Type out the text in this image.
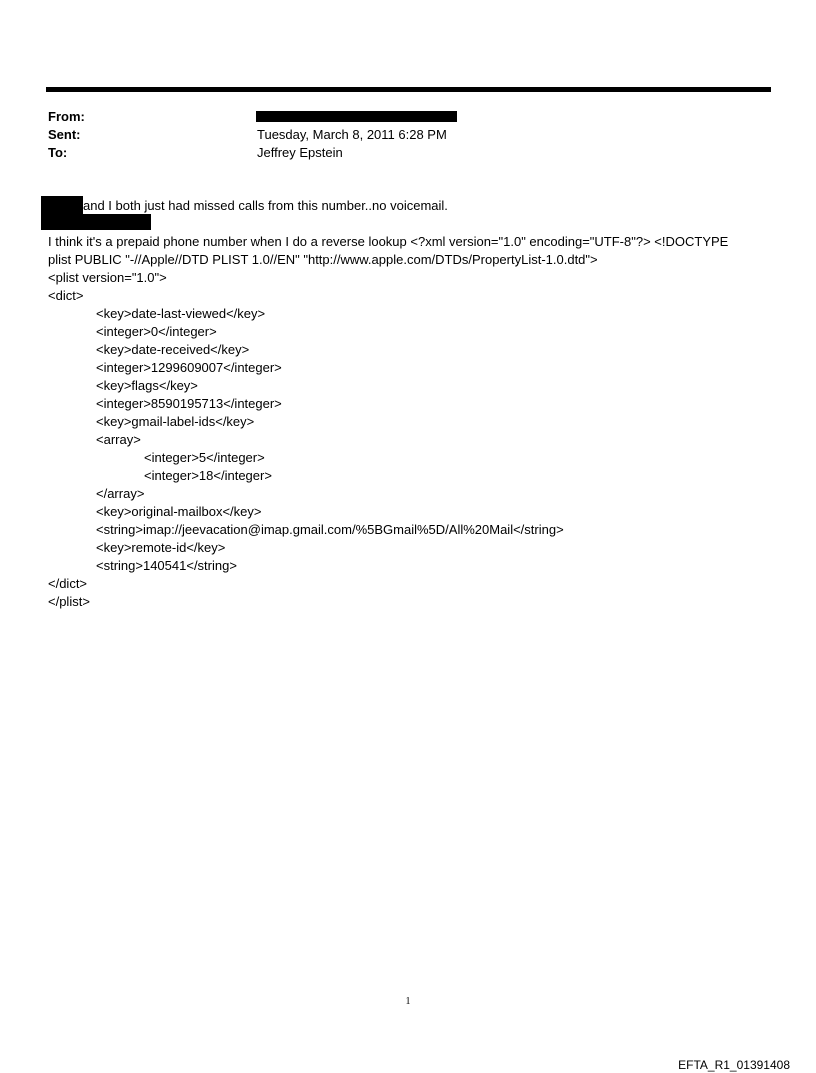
From:
Sent:	Tuesday, March 8, 2011 6:28 PM
To:	Jeffrey Epstein
and I both just had missed calls from this number..no voicemail.
I think it's a prepaid phone number when I do a reverse lookup <?xml version="1.0" encoding="UTF-8"?> <!DOCTYPE
plist PUBLIC "-//Apple//DTD PLIST 1.0//EN" "http://www.apple.com/DTDs/PropertyList-1.0.dtd">
<plist version="1.0">
<dict>
<key>date-last-viewed</key>
<integer>0</integer>
<key>date-received</key>
<integer>1299609007</integer>
<key>flags</key>
<integer>8590195713</integer>
<key>gmail-label-ids</key>
<array>
<integer>5</integer>
<integer>18</integer>
</array>
<key>original-mailbox</key>
<string>imap://jeevacation@imap.gmail.com/%5BGmail%5D/All%20Mail</string>
<key>remote-id</key>
<string>140541</string>
</dict>
</plist>
1
EFTA_R1_01391408
